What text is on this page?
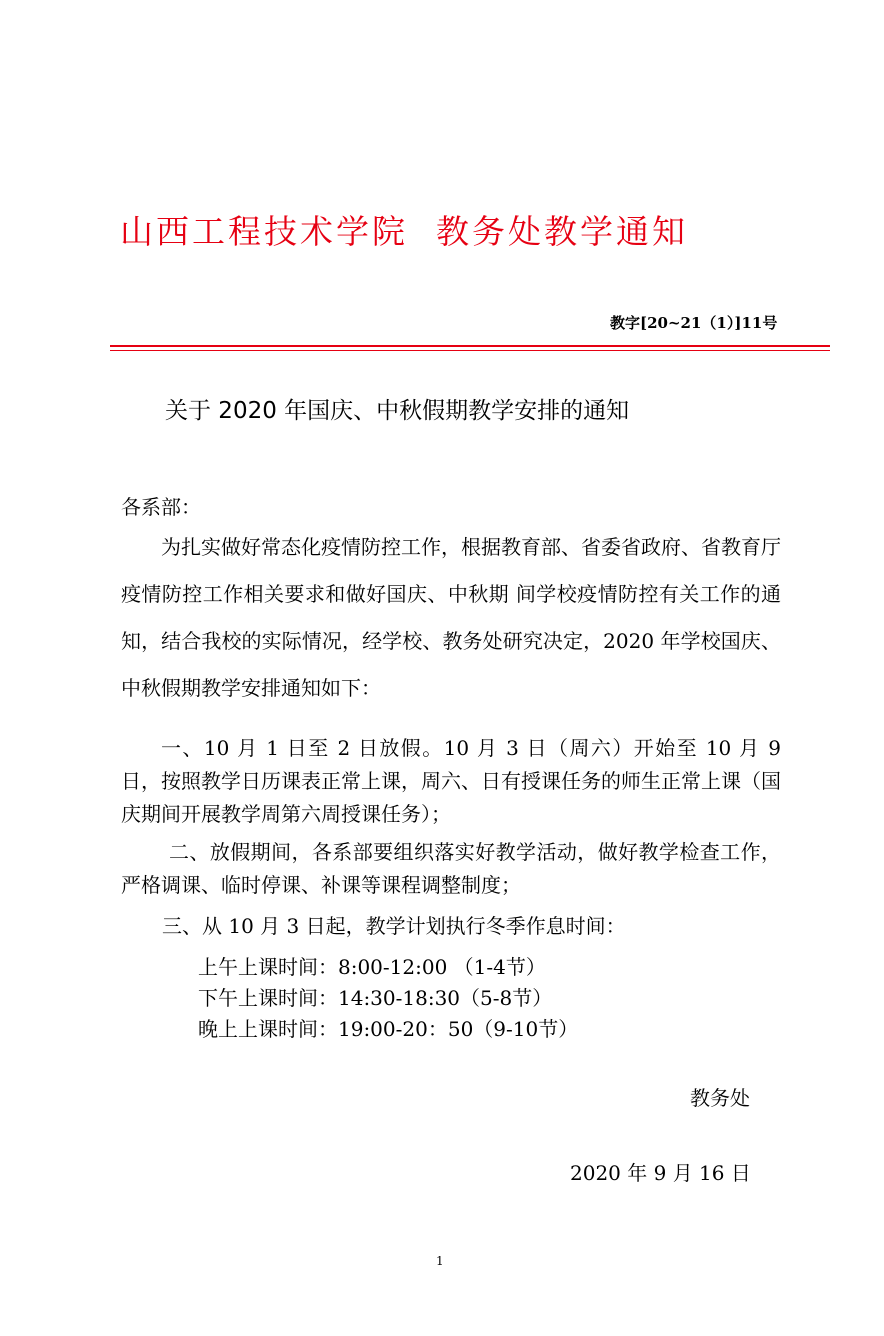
山西工程技术学院 教务处教学通知
教字[20~21（1）]11号
关于 2020 年国庆、中秋假期教学安排的通知
各系部：
为扎实做好常态化疫情防控工作，根据教育部、省委省政府、省教育厅疫情防控工作相关要求和做好国庆、中秋期 间学校疫情防控有关工作的通知，结合我校的实际情况，经学校、教务处研究决定，2020 年学校国庆、中秋假期教学安排通知如下：
一、10 月 1 日至 2 日放假。10 月 3 日（周六）开始至 10 月 9 日，按照教学日历课表正常上课，周六、日有授课任务的师生正常上课（国庆期间开展教学周第六周授课任务）；
二、放假期间，各系部要组织落实好教学活动，做好教学检查工作，严格调课、临时停课、补课等课程调整制度；
三、从 10 月 3 日起，教学计划执行冬季作息时间：
上午上课时间：8:00-12:00 （1-4节）
下午上课时间：14:30-18:30（5-8节）
晚上上课时间：19:00-20：50（9-10节）
教务处
2020 年 9 月 16 日
1
